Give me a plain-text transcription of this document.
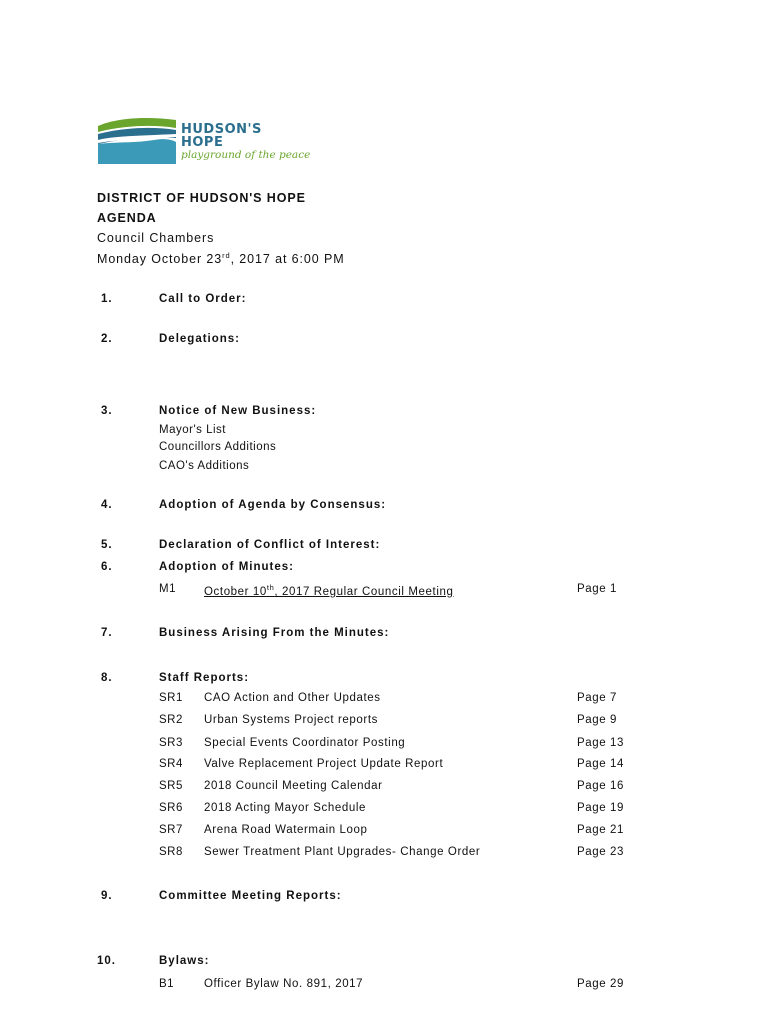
HUDSON'S
HOPE
playground of the peace
DISTRICT OF HUDSON'S HOPE
AGENDA
Council Chambers
Monday October 23rd, 2017 at 6:00 PM
1.	Call to Order:
2.	Delegations:
3.	Notice of New Business:
Mayor's List
Councillors Additions
CAO's Additions
4.	Adoption of Agenda by Consensus:
5.	Declaration of Conflict of Interest:
6.	Adoption of Minutes:
M1 October 10th, 2017 Regular Council Meeting	Page 1
7.	Business Arising From the Minutes:
8.	Staff Reports:
SR1 CAO Action and Other Updates	Page 7
SR2 Urban Systems Project reports	Page 9
SR3 Special Events Coordinator Posting	Page 13
SR4 Valve Replacement Project Update Report	Page 14
SR5 2018 Council Meeting Calendar	Page 16
SR6 2018 Acting Mayor Schedule	Page 19
SR7 Arena Road Watermain Loop	Page 21
SR8 Sewer Treatment Plant Upgrades- Change Order	Page 23
9.	Committee Meeting Reports:
10.	Bylaws:
B1	Officer Bylaw No. 891, 2017	Page 29
